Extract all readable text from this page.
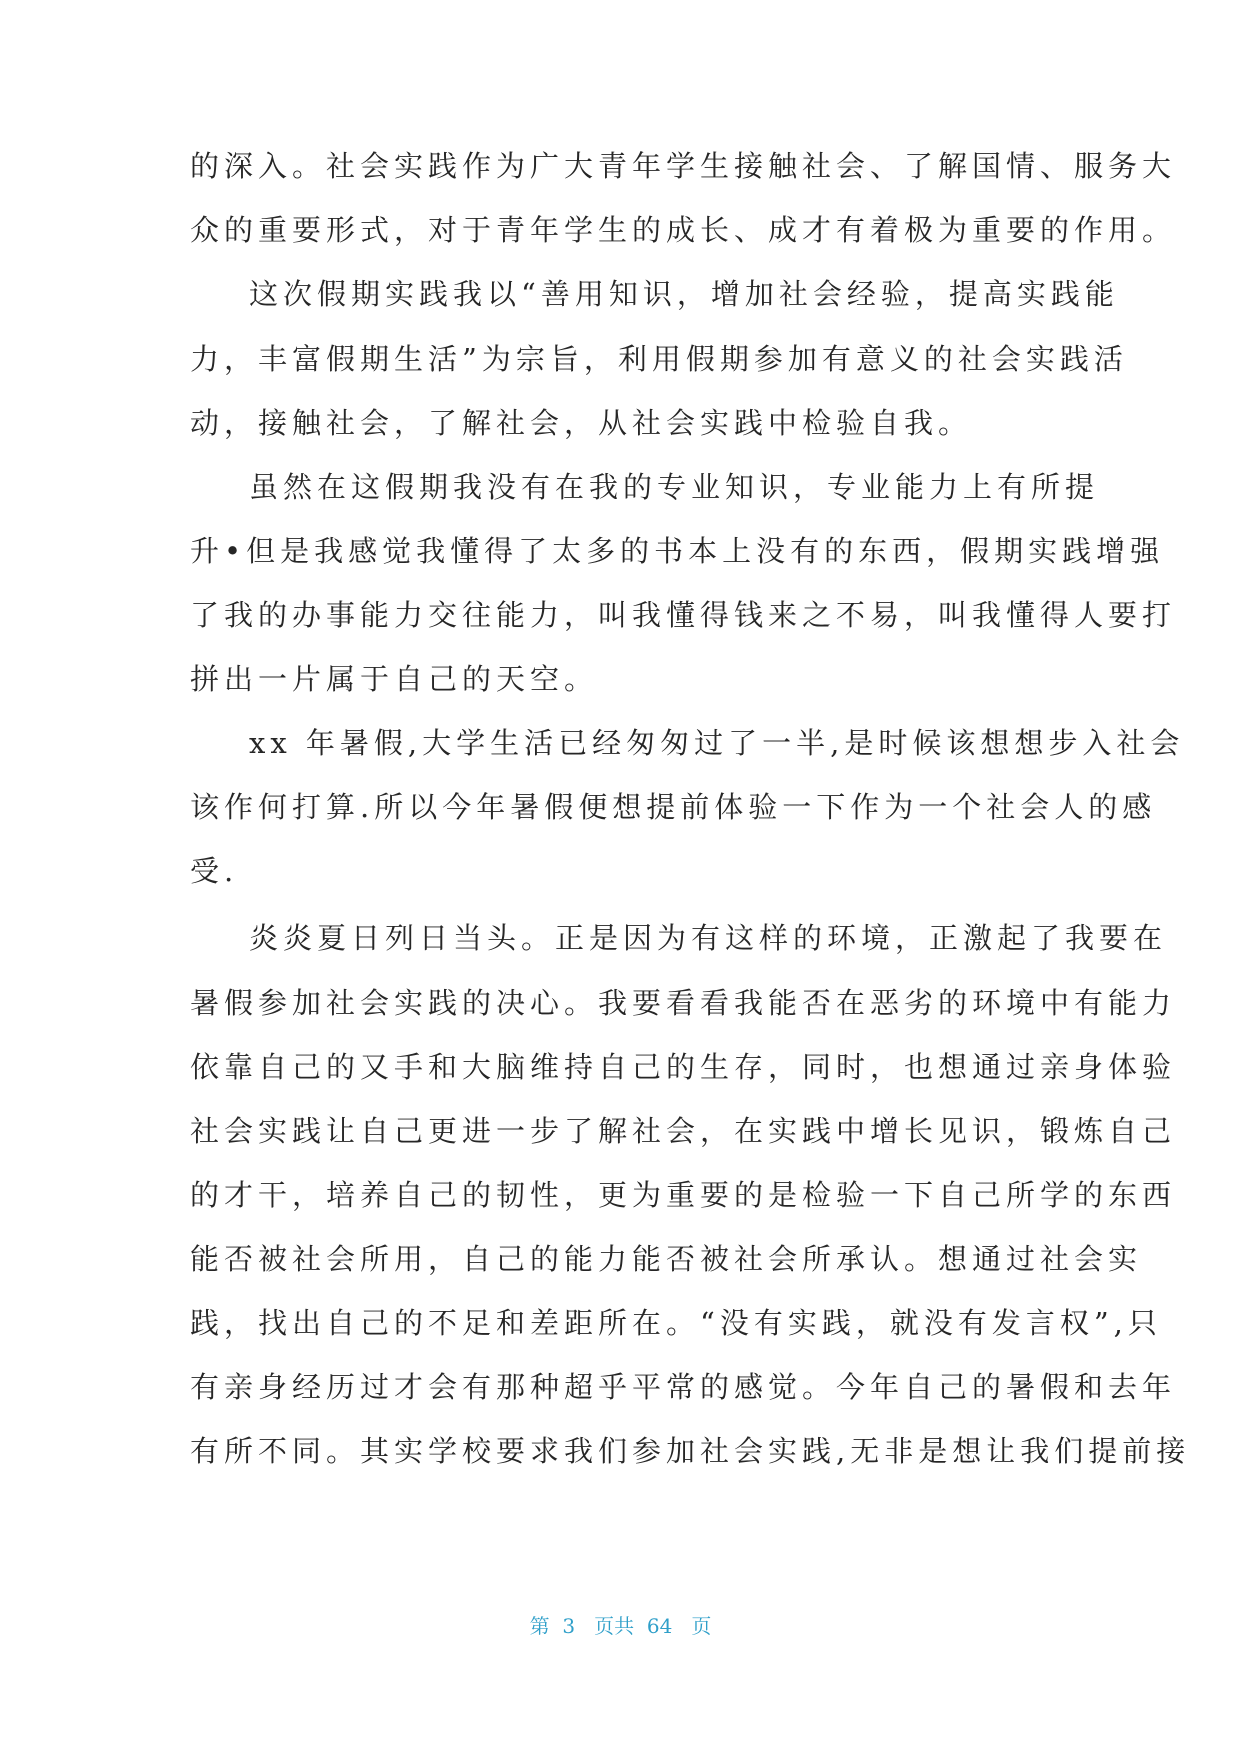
的深入。社会实践作为广大青年学生接触社会、了解国情、服务大

众的重要形式，对于青年学生的成长、成才有着极为重要的作用。

这次假期实践我以“善用知识，增加社会经验，提高实践能

力，丰富假期生活”为宗旨，利用假期参加有意义的社会实践活

动，接触社会，了解社会，从社会实践中检验自我。

虽然在这假期我没有在我的专业知识，专业能力上有所提

升•但是我感觉我懂得了太多的书本上没有的东西，假期实践增强

了我的办事能力交往能力，叫我懂得钱来之不易，叫我懂得人要打

拼出一片属于自己的天空。

xx 年暑假,大学生活已经匆匆过了一半,是时候该想想步入社会

该作何打算.所以今年暑假便想提前体验一下作为一个社会人的感

受.

炎炎夏日列日当头。正是因为有这样的环境，正激起了我要在

暑假参加社会实践的决心。我要看看我能否在恶劣的环境中有能力

依靠自己的又手和大脑维持自己的生存，同时，也想通过亲身体验

社会实践让自己更进一步了解社会，在实践中增长见识，锻炼自己

的才干，培养自己的韧性，更为重要的是检验一下自己所学的东西

能否被社会所用，自己的能力能否被社会所承认。想通过社会实

践，找出自己的不足和差距所在。“没有实践，就没有发言权”,只

有亲身经历过才会有那种超乎平常的感觉。今年自己的暑假和去年

有所不同。其实学校要求我们参加社会实践,无非是想让我们提前接

第  3   页共  64   页
